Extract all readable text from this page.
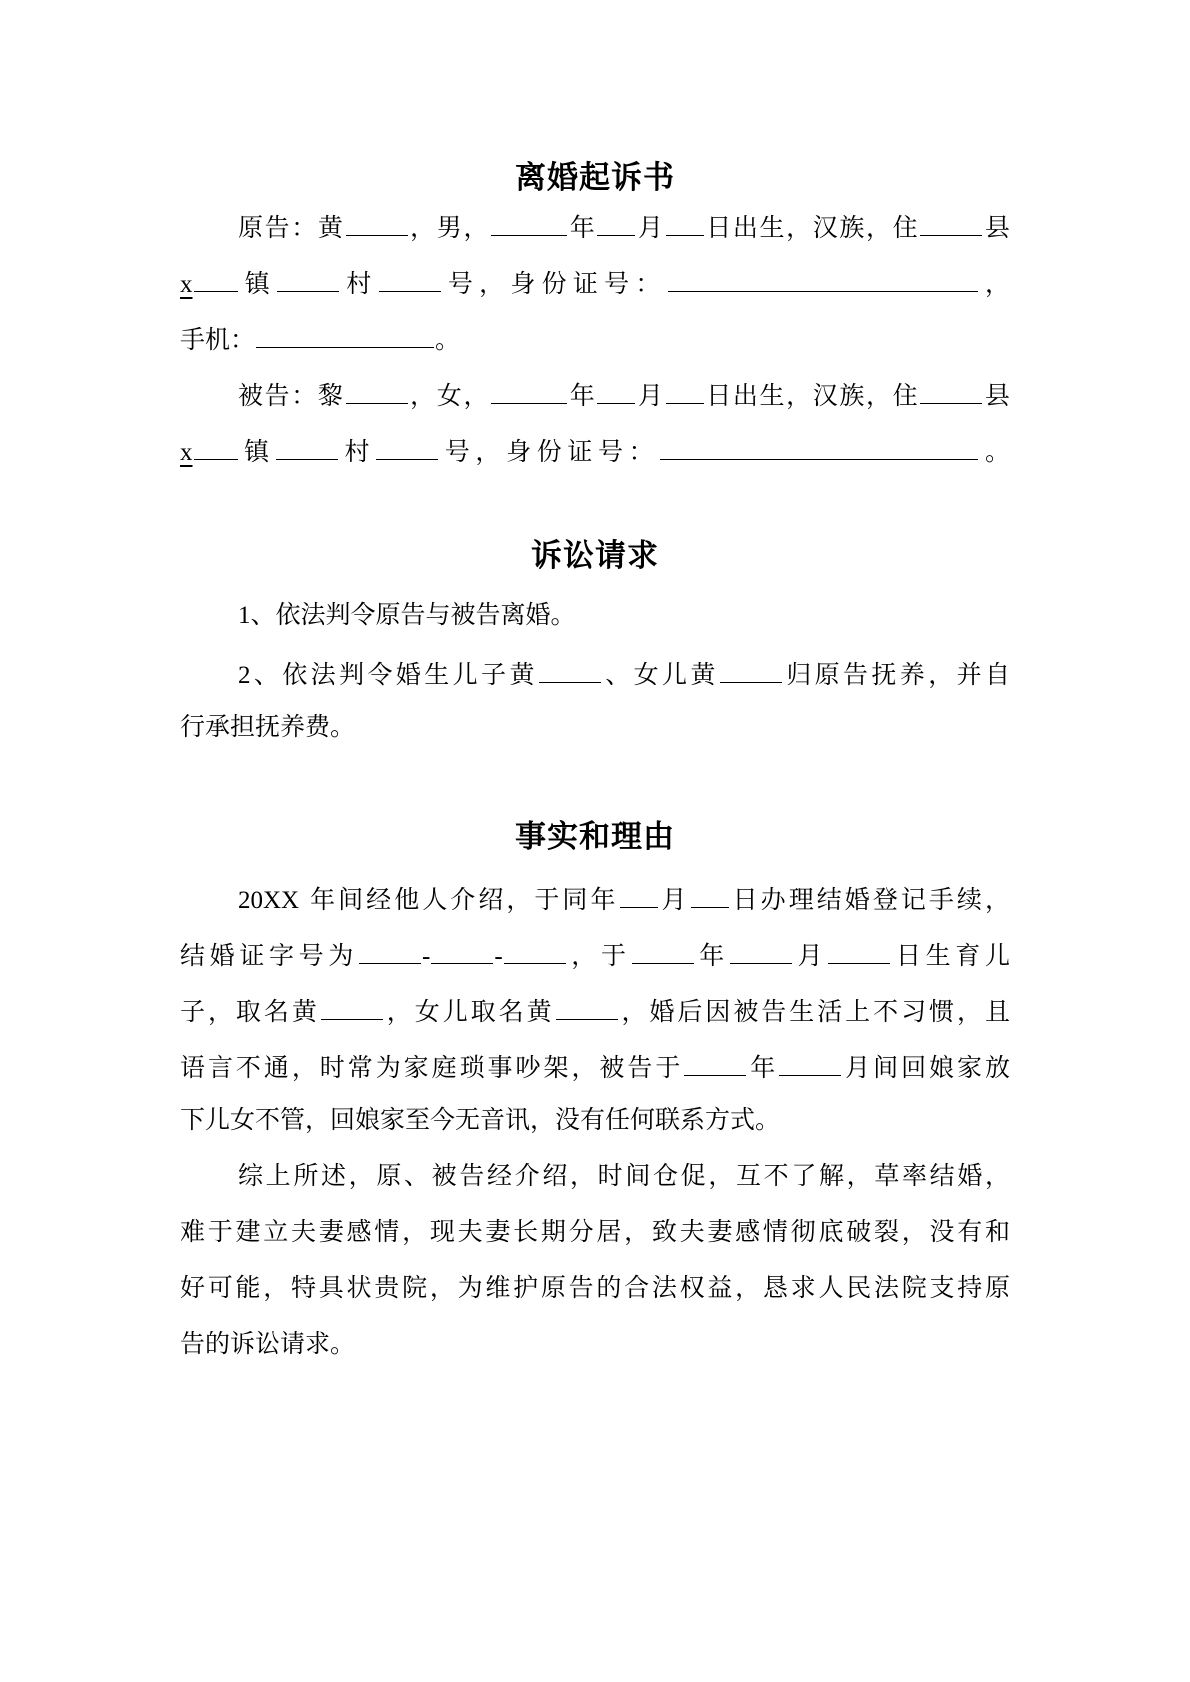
离婚起诉书
原告：黄	，男，	年 月 日出生，汉族，住	县
x 镇	村	号，身份证号：	，
手机：	。
被告：黎	，女，	年 月 日出生，汉族，住	县
x 镇	村	号，身份证号：	。
诉讼请求
1、依法判令原告与被告离婚。
2、依法判令婚生儿子黄	、女儿黄	归原告抚养，并自
行承担抚养费。
事实和理由
20XX 年间经他人介绍，于同年 月 日办理结婚登记手续，
结婚证字号为	-	-	，于	年	月	日生育儿
子，取名黄	，女儿取名黄	，婚后因被告生活上不习惯，且
语言不通，时常为家庭琐事吵架，被告于	年	月间回娘家放
下儿女不管，回娘家至今无音讯，没有任何联系方式。
综上所述，原、被告经介绍，时间仓促，互不了解，草率结婚，
难于建立夫妻感情，现夫妻长期分居，致夫妻感情彻底破裂，没有和
好可能，特具状贵院，为维护原告的合法权益，恳求人民法院支持原
告的诉讼请求。
